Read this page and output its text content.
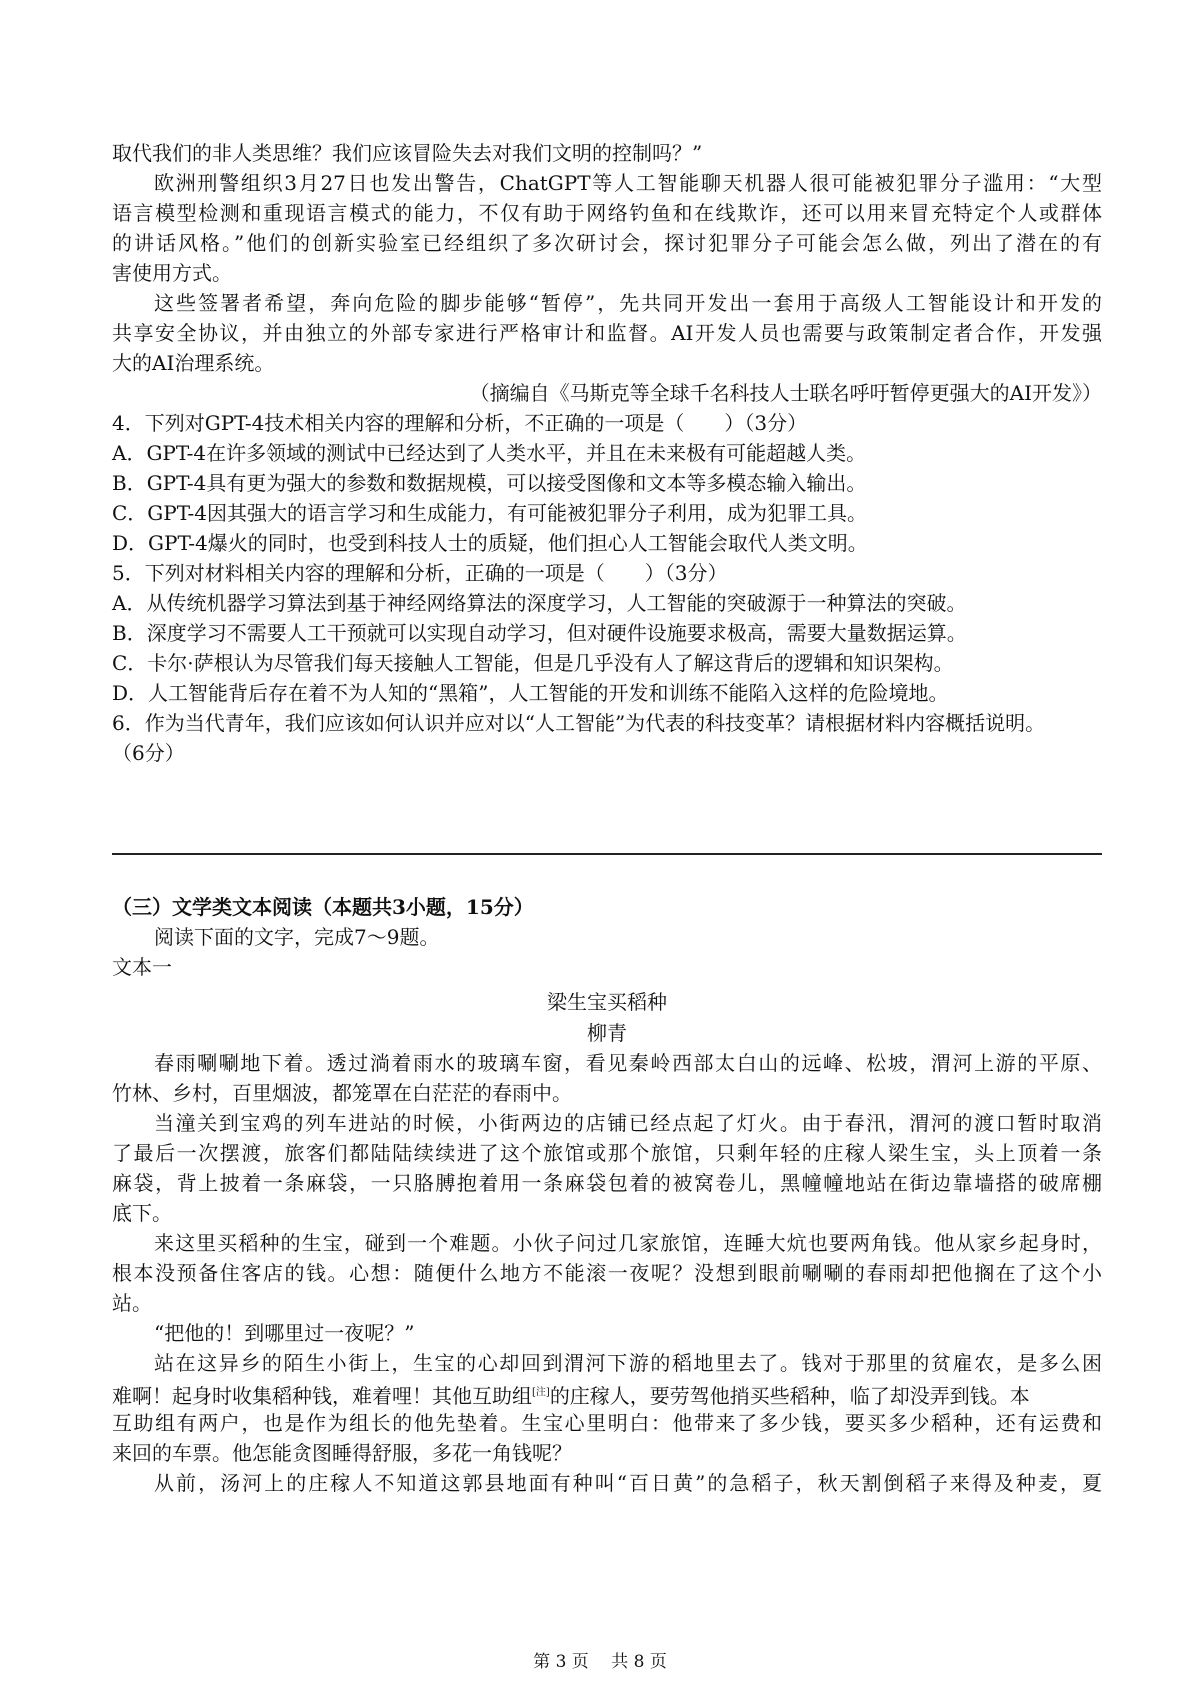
取代我们的非人类思维？我们应该冒险失去对我们文明的控制吗？”
欧洲刑警组织3月27日也发出警告，ChatGPT等人工智能聊天机器人很可能被犯罪分子滥用：“大型
语言模型检测和重现语言模式的能力，不仅有助于网络钓鱼和在线欺诈，还可以用来冒充特定个人或群体
的讲话风格。”他们的创新实验室已经组织了多次研讨会，探讨犯罪分子可能会怎么做，列出了潜在的有
害使用方式。
这些签署者希望，奔向危险的脚步能够“暂停”，先共同开发出一套用于高级人工智能设计和开发的
共享安全协议，并由独立的外部专家进行严格审计和监督。AI开发人员也需要与政策制定者合作，开发强
大的AI治理系统。
（摘编自《马斯克等全球千名科技人士联名呼吁暂停更强大的AI开发》）
4．下列对GPT-4技术相关内容的理解和分析，不正确的一项是（　　）（3分）
A．GPT-4在许多领域的测试中已经达到了人类水平，并且在未来极有可能超越人类。
B．GPT-4具有更为强大的参数和数据规模，可以接受图像和文本等多模态输入输出。
C．GPT-4因其强大的语言学习和生成能力，有可能被犯罪分子利用，成为犯罪工具。
D．GPT-4爆火的同时，也受到科技人士的质疑，他们担心人工智能会取代人类文明。
5．下列对材料相关内容的理解和分析，正确的一项是（　　）（3分）
A．从传统机器学习算法到基于神经网络算法的深度学习，人工智能的突破源于一种算法的突破。
B．深度学习不需要人工干预就可以实现自动学习，但对硬件设施要求极高，需要大量数据运算。
C．卡尔·萨根认为尽管我们每天接触人工智能，但是几乎没有人了解这背后的逻辑和知识架构。
D．人工智能背后存在着不为人知的“黑箱”，人工智能的开发和训练不能陷入这样的危险境地。
6．作为当代青年，我们应该如何认识并应对以“人工智能”为代表的科技变革？请根据材料内容概括说明。
（6分）
（三）文学类文本阅读（本题共3小题，15分）
阅读下面的文字，完成7～9题。
文本一
梁生宝买稻种
柳青
春雨唰唰地下着。透过淌着雨水的玻璃车窗，看见秦岭西部太白山的远峰、松坡，渭河上游的平原、
竹林、乡村，百里烟波，都笼罩在白茫茫的春雨中。
当潼关到宝鸡的列车进站的时候，小街两边的店铺已经点起了灯火。由于春汛，渭河的渡口暂时取消
了最后一次摆渡，旅客们都陆陆续续进了这个旅馆或那个旅馆，只剩年轻的庄稼人梁生宝，头上顶着一条
麻袋，背上披着一条麻袋，一只胳膊抱着用一条麻袋包着的被窝卷儿，黑幢幢地站在街边靠墙搭的破席棚
底下。
来这里买稻种的生宝，碰到一个难题。小伙子问过几家旅馆，连睡大炕也要两角钱。他从家乡起身时，
根本没预备住客店的钱。心想：随便什么地方不能滚一夜呢？没想到眼前唰唰的春雨却把他搁在了这个小
站。
“把他的！到哪里过一夜呢？”
站在这异乡的陌生小街上，生宝的心却回到渭河下游的稻地里去了。钱对于那里的贫雇农，是多么困
难啊！起身时收集稻种钱，难着哩！其他互助组[注]的庄稼人，要劳驾他捎买些稻种，临了却没弄到钱。本
互助组有两户，也是作为组长的他先垫着。生宝心里明白：他带来了多少钱，要买多少稻种，还有运费和
来回的车票。他怎能贪图睡得舒服，多花一角钱呢？
从前，汤河上的庄稼人不知道这郭县地面有种叫“百日黄”的急稻子，秋天割倒稻子来得及种麦，夏
第 3 页　 共 8 页
